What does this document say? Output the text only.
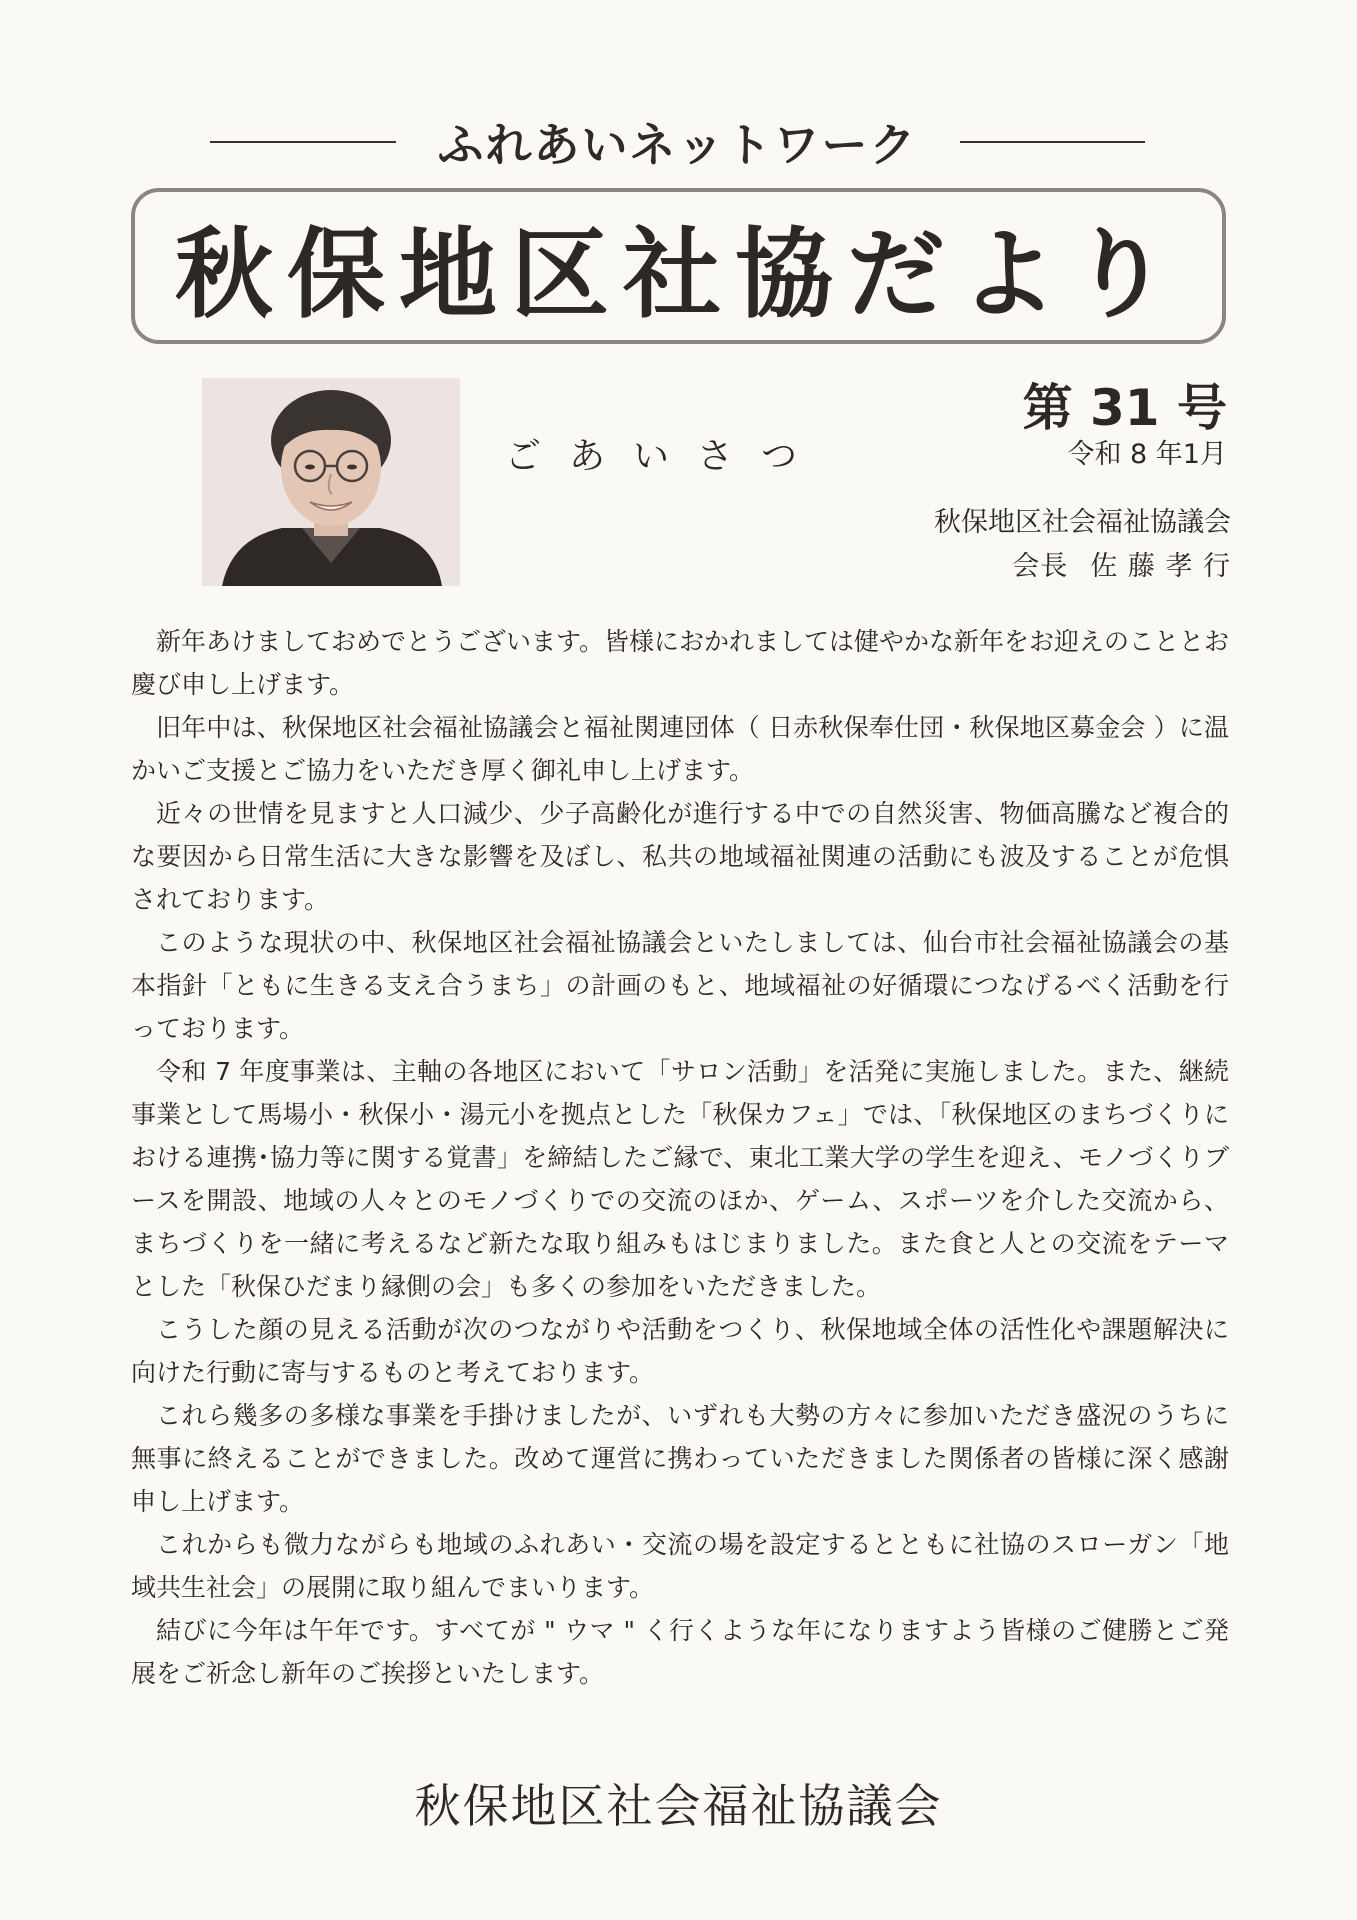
ふれあいネットワーク
秋保地区社協だより
ごあいさつ
第 31 号
令和 8 年1月
秋保地区社会福祉協議会
会長 佐 藤 孝 行

新年あけましておめでとうございます。皆様におかれましては健やかな新年をお迎えのこととお慶び申し上げます。

旧年中は、秋保地区社会福祉協議会と福祉関連団体（ 日赤秋保奉仕団・秋保地区募金会 ）に温かいご支援とご協力をいただき厚く御礼申し上げます。

近々の世情を見ますと人口減少、少子高齢化が進行する中での自然災害、物価高騰など複合的な要因から日常生活に大きな影響を及ぼし、私共の地域福祉関連の活動にも波及することが危惧されております。

このような現状の中、秋保地区社会福祉協議会といたしましては、仙台市社会福祉協議会の基本指針「ともに生きる支え合うまち」の計画のもと、地域福祉の好循環につなげるべく活動を行っております。

令和 7 年度事業は、主軸の各地区において「サロン活動」を活発に実施しました。また、継続事業として馬場小・秋保小・湯元小を拠点とした「秋保カフェ」では、「秋保地区のまちづくりにおける連携･協力等に関する覚書」を締結したご縁で、東北工業大学の学生を迎え、モノづくりブースを開設、地域の人々とのモノづくりでの交流のほか、ゲーム、スポーツを介した交流から、まちづくりを一緒に考えるなど新たな取り組みもはじまりました。また食と人との交流をテーマとした「秋保ひだまり縁側の会」も多くの参加をいただきました。

こうした顔の見える活動が次のつながりや活動をつくり、秋保地域全体の活性化や課題解決に向けた行動に寄与するものと考えております。

これら幾多の多様な事業を手掛けましたが、いずれも大勢の方々に参加いただき盛況のうちに無事に終えることができました。改めて運営に携わっていただきました関係者の皆様に深く感謝申し上げます。

これからも微力ながらも地域のふれあい・交流の場を設定するとともに社協のスローガン「地域共生社会」の展開に取り組んでまいります。

結びに今年は午年です。すべてが " ウマ " く行くような年になりますよう皆様のご健勝とご発展をご祈念し新年のご挨拶といたします。

秋保地区社会福祉協議会
